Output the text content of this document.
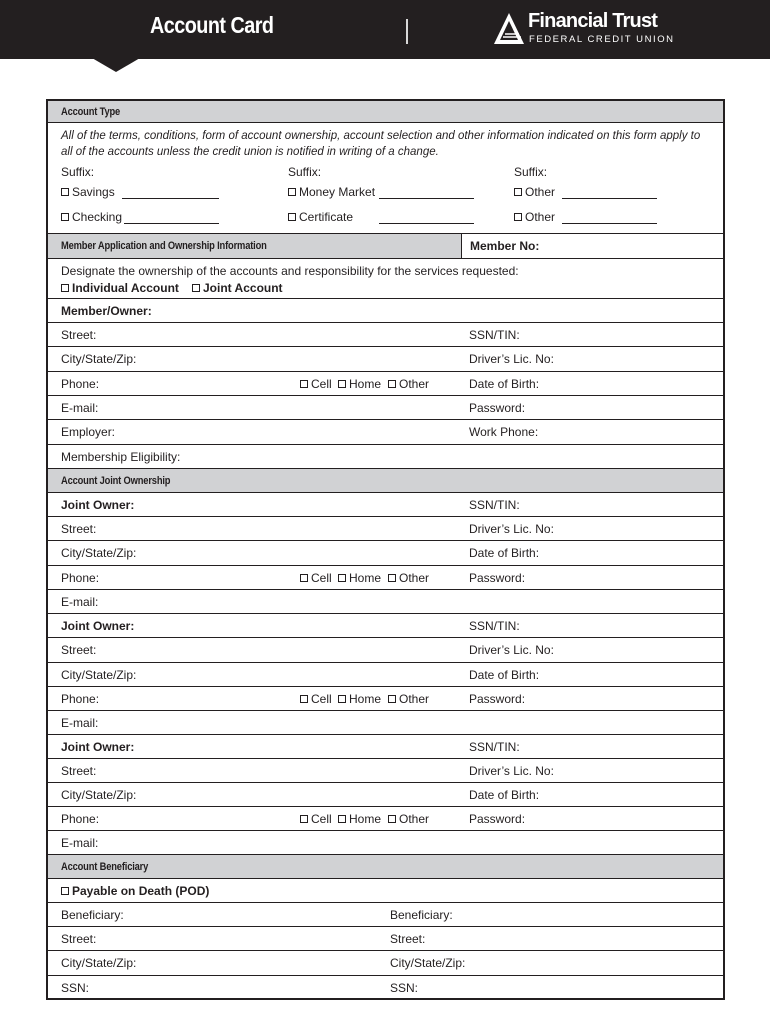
Account Card	Financial Trust
FEDERAL CREDIT UNION
Account Type
All of the terms, conditions, form of account ownership, account selection and other information indicated on this form apply to all of the accounts unless the credit union is notified in writing of a change.
Suffix:	Suffix:	Suffix:
Savings	Money Market	Other
Checking	Certificate	Other
Member Application and Ownership Information	Member No:
Designate the ownership of the accounts and responsibility for the services requested:
Individual Account	Joint Account
Member/Owner:
Street:	SSN/TIN:
City/State/Zip:	Driver’s Lic. No:
Phone:	Cell	Home	Other	Date of Birth:
E-mail:	Password:
Employer:	Work Phone:
Membership Eligibility:
Account Joint Ownership
Joint Owner:	SSN/TIN:
Street:	Driver’s Lic. No:
City/State/Zip:	Date of Birth:
Phone:	Cell	Home	Other	Password:
E-mail:
Joint Owner:	SSN/TIN:
Street:	Driver’s Lic. No:
City/State/Zip:	Date of Birth:
Phone:	Cell	Home	Other	Password:
E-mail:
Joint Owner:	SSN/TIN:
Street:	Driver’s Lic. No:
City/State/Zip:	Date of Birth:
Phone:	Cell	Home	Other	Password:
E-mail:
Account Beneficiary
Payable on Death (POD)
Beneficiary:	Beneficiary:
Street:	Street:
City/State/Zip:	City/State/Zip:
SSN:	SSN:
